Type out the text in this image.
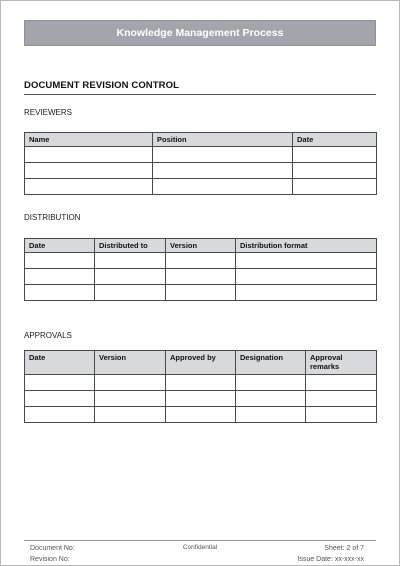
Knowledge Management Process
DOCUMENT REVISION CONTROL
REVIEWERS
Name	Position	Date

DISTRIBUTION
Date	Distributed to	Version	Distribution format

APPROVALS
Date	Version	Approved by	Designation	Approval remarks

Document No:
Revision No:
Confidential	Sheet: 2 of 7
Issue Date: xx-xxx-xx
